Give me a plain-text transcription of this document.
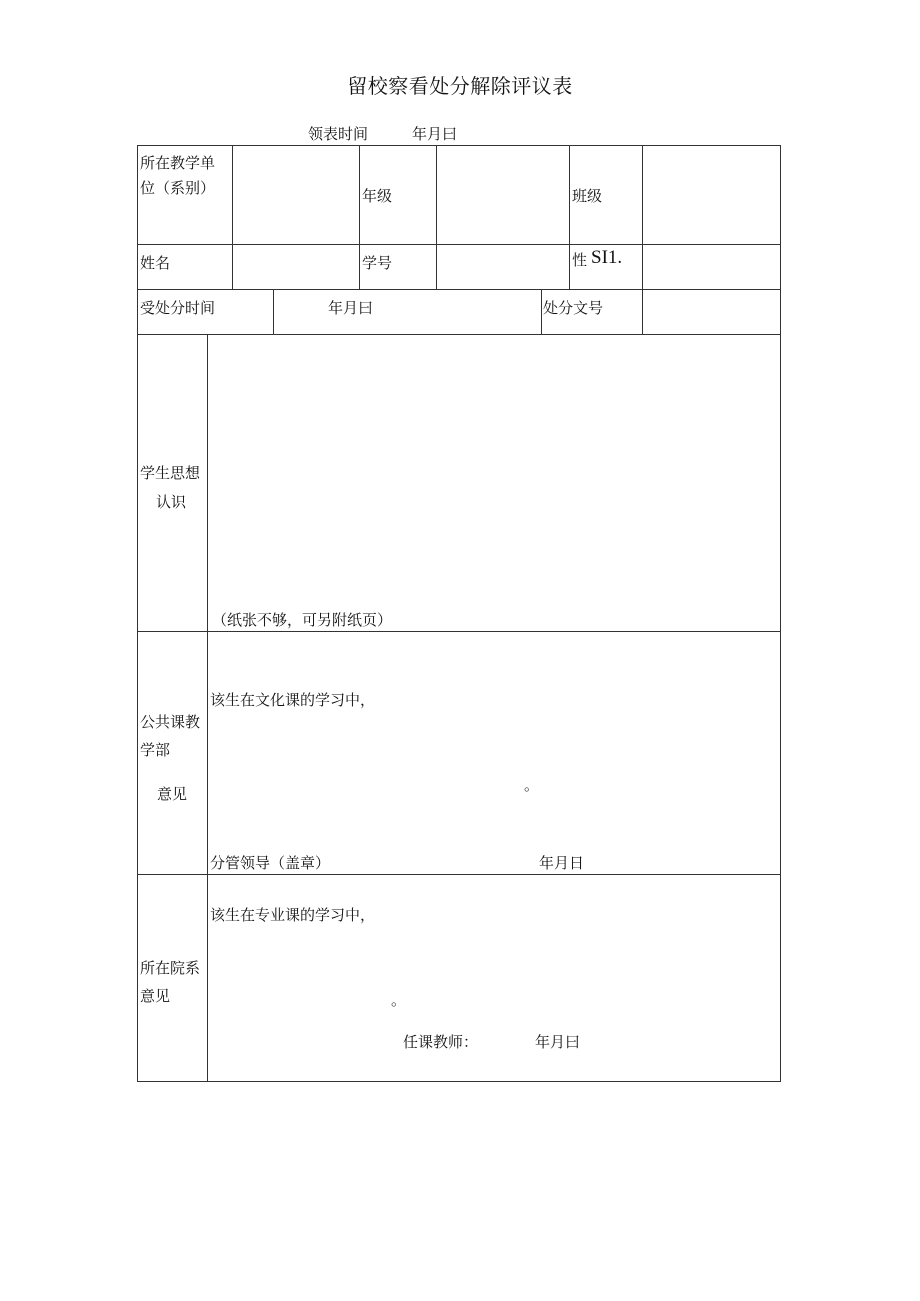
留校察看处分解除评议表
领表时间	年月曰
所在教学单
位（系别）	年级	班级
姓名	学号	性 SI1.
受处分时间	年月曰	处分文号
学生思想
认识
（纸张不够，可另附纸页）
公共课教
学部
意见
该生在文化课的学习中，
。
分管领导（盖章）	年月日
所在院系
意见
该生在专业课的学习中，
。
任课教师：	年月曰
